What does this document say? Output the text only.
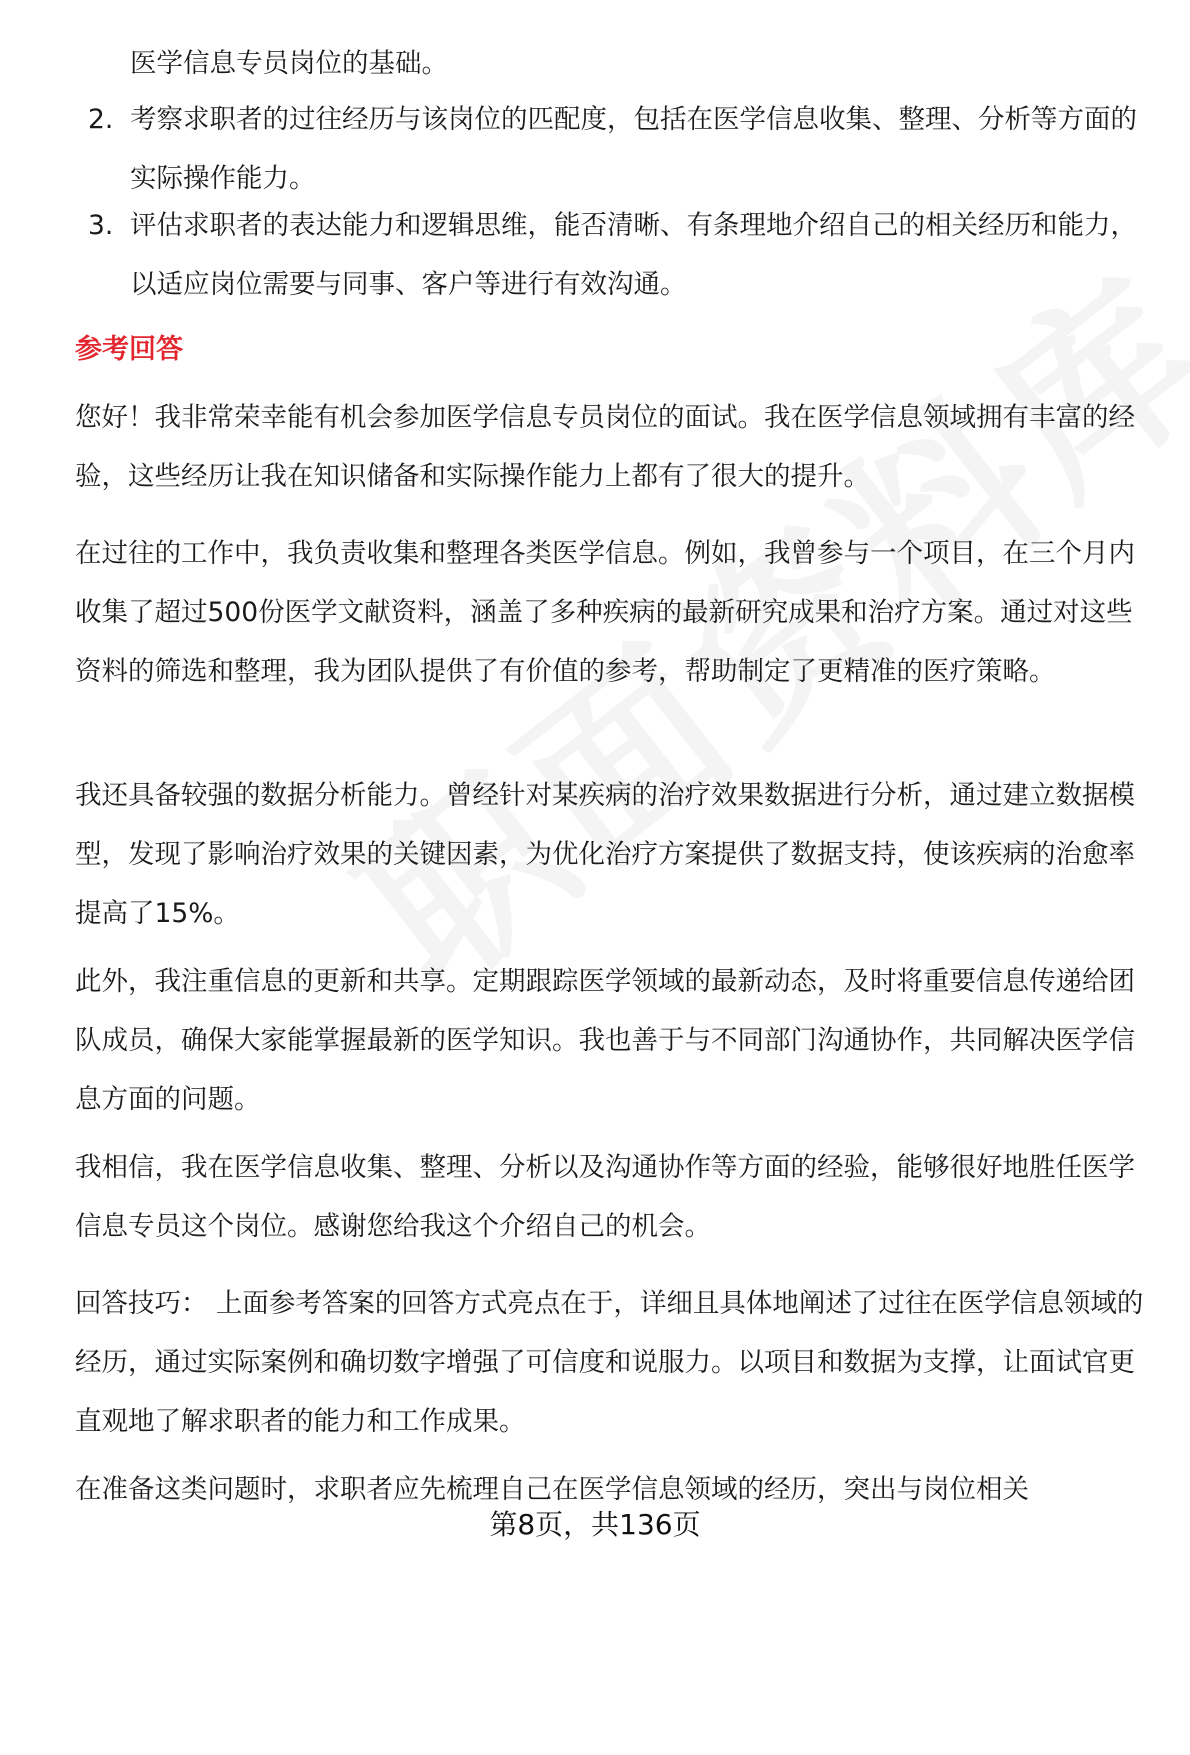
医学信息专员岗位的基础。
2. 考察求职者的过往经历与该岗位的匹配度，包括在医学信息收集、整理、分析等方面的实际操作能力。
3. 评估求职者的表达能力和逻辑思维，能否清晰、有条理地介绍自己的相关经历和能力，以适应岗位需要与同事、客户等进行有效沟通。
参考回答
您好！我非常荣幸能有机会参加医学信息专员岗位的面试。我在医学信息领域拥有丰富的经验，这些经历让我在知识储备和实际操作能力上都有了很大的提升。
在过往的工作中，我负责收集和整理各类医学信息。例如，我曾参与一个项目，在三个月内收集了超过500份医学文献资料，涵盖了多种疾病的最新研究成果和治疗方案。通过对这些资料的筛选和整理，我为团队提供了有价值的参考，帮助制定了更精准的医疗策略。
我还具备较强的数据分析能力。曾经针对某疾病的治疗效果数据进行分析，通过建立数据模型，发现了影响治疗效果的关键因素，为优化治疗方案提供了数据支持，使该疾病的治愈率提高了15%。
此外，我注重信息的更新和共享。定期跟踪医学领域的最新动态，及时将重要信息传递给团队成员，确保大家能掌握最新的医学知识。我也善于与不同部门沟通协作，共同解决医学信息方面的问题。
我相信，我在医学信息收集、整理、分析以及沟通协作等方面的经验，能够很好地胜任医学信息专员这个岗位。感谢您给我这个介绍自己的机会。
回答技巧： 上面参考答案的回答方式亮点在于，详细且具体地阐述了过往在医学信息领域的经历，通过实际案例和确切数字增强了可信度和说服力。以项目和数据为支撑，让面试官更直观地了解求职者的能力和工作成果。
在准备这类问题时，求职者应先梳理自己在医学信息领域的经历，突出与岗位相关
第8页，共136页
